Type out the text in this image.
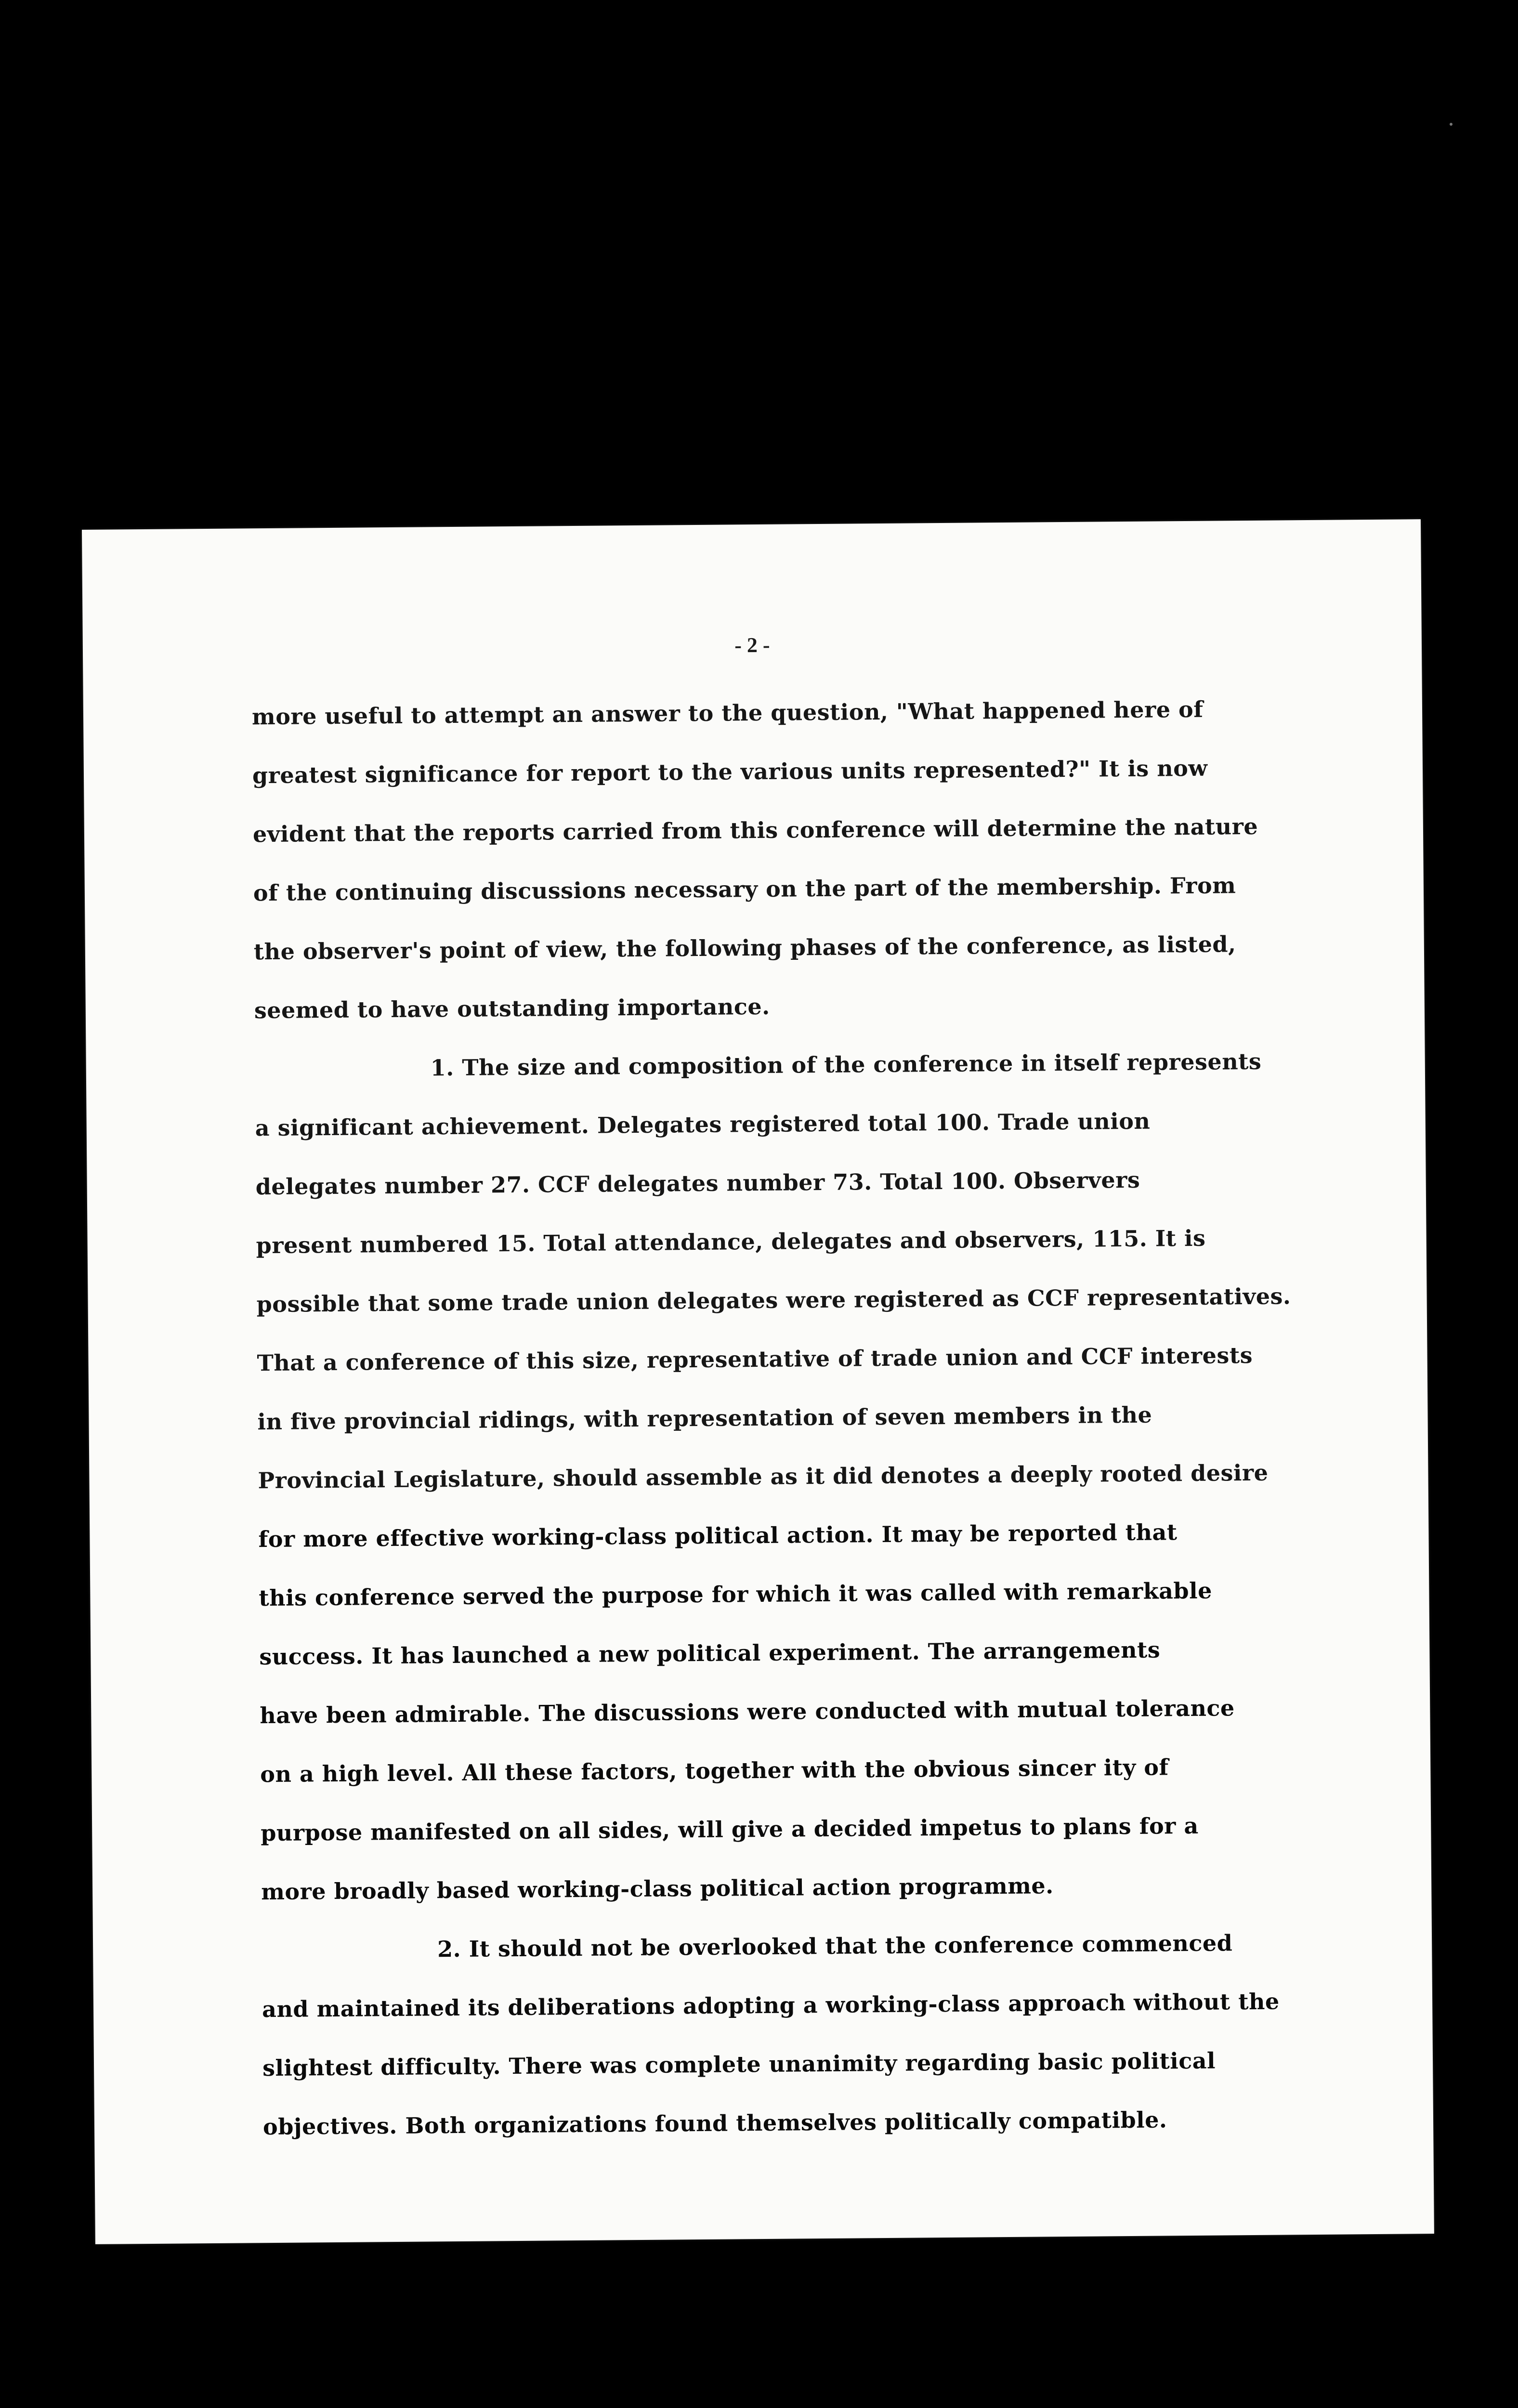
- 2 -
more useful to attempt an answer to the question, "What happened here of
greatest significance for report to the various units represented?" It is now
evident that the reports carried from this conference will determine the nature
of the continuing discussions necessary on the part of the membership. From
the observer's point of view, the following phases of the conference, as listed,
seemed to have outstanding importance.
1. The size and composition of the conference in itself represents
a significant achievement. Delegates registered total 100. Trade union
delegates number 27. CCF delegates number 73. Total 100. Observers
present numbered 15. Total attendance, delegates and observers, 115. It is
possible that some trade union delegates were registered as CCF representatives.
That a conference of this size, representative of trade union and CCF interests
in five provincial ridings, with representation of seven members in the
Provincial Legislature, should assemble as it did denotes a deeply rooted desire
for more effective working-class political action. It may be reported that
this conference served the purpose for which it was called with remarkable
success. It has launched a new political experiment. The arrangements
have been admirable. The discussions were conducted with mutual tolerance
on a high level. All these factors, together with the obvious sincer ity of
purpose manifested on all sides, will give a decided impetus to plans for a
more broadly based working-class political action programme.
2. It should not be overlooked that the conference commenced
and maintained its deliberations adopting a working-class approach without the
slightest difficulty. There was complete unanimity regarding basic political
objectives. Both organizations found themselves politically compatible.
